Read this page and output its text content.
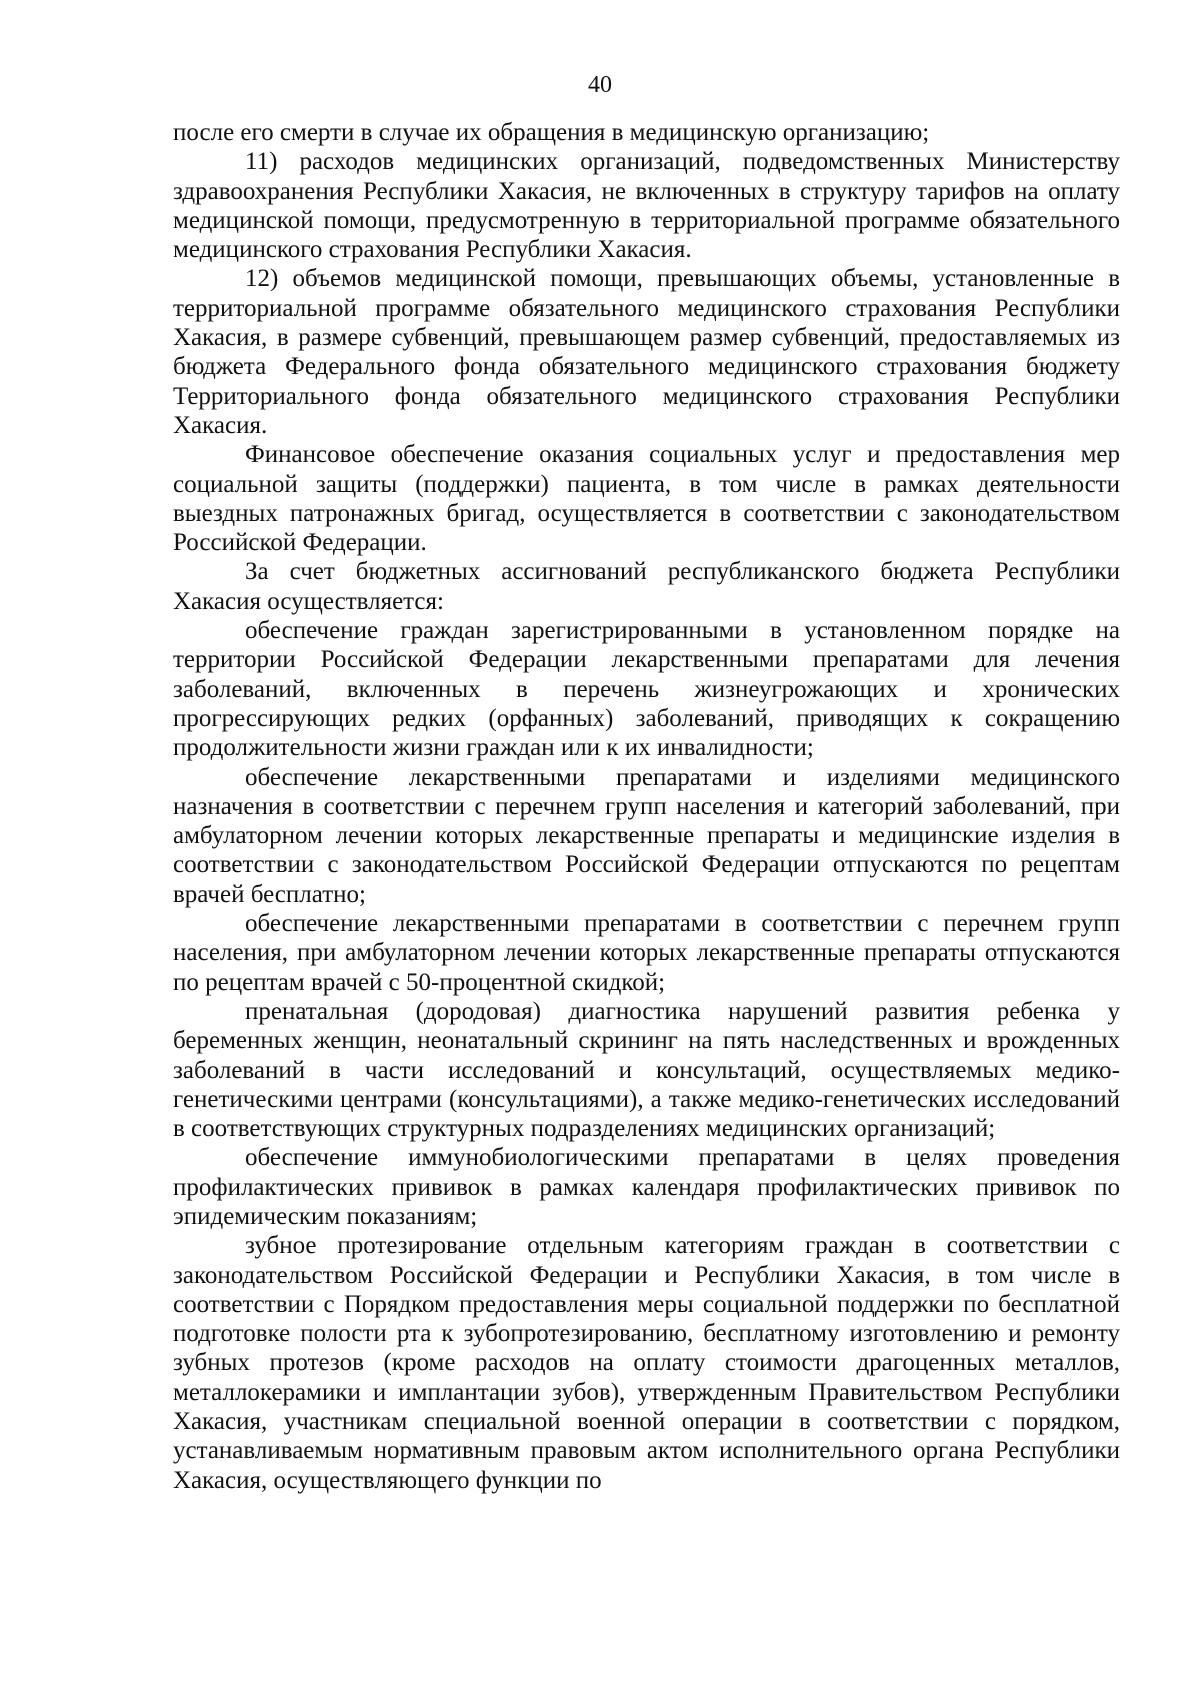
40

после его смерти в случае их обращения в медицинскую организацию;

11) расходов медицинских организаций, подведомственных Министерству здравоохранения Республики Хакасия, не включенных в структуру тарифов на оплату медицинской помощи, предусмотренную в территориальной программе обязательного медицинского страхования Республики Хакасия.

12) объемов медицинской помощи, превышающих объемы, установленные в территориальной программе обязательного медицинского страхования Республики Хакасия, в размере субвенций, превышающем размер субвенций, предоставляемых из бюджета Федерального фонда обязательного медицинского страхования бюджету Территориального фонда обязательного медицинского страхования Республики Хакасия.

Финансовое обеспечение оказания социальных услуг и предоставления мер социальной защиты (поддержки) пациента, в том числе в рамках деятельности выездных патронажных бригад, осуществляется в соответствии с законодательством Российской Федерации.

За счет бюджетных ассигнований республиканского бюджета Республики Хакасия осуществляется:

обеспечение граждан зарегистрированными в установленном порядке на территории Российской Федерации лекарственными препаратами для лечения заболеваний, включенных в перечень жизнеугрожающих и хронических прогрессирующих редких (орфанных) заболеваний, приводящих к сокращению продолжительности жизни граждан или к их инвалидности;

обеспечение лекарственными препаратами и изделиями медицинского назначения в соответствии с перечнем групп населения и категорий заболеваний, при амбулаторном лечении которых лекарственные препараты и медицинские изделия в соответствии с законодательством Российской Федерации отпускаются по рецептам врачей бесплатно;

обеспечение лекарственными препаратами в соответствии с перечнем групп населения, при амбулаторном лечении которых лекарственные препараты отпускаются по рецептам врачей с 50-процентной скидкой;

пренатальная (дородовая) диагностика нарушений развития ребенка у беременных женщин, неонатальный скрининг на пять наследственных и врожденных заболеваний в части исследований и консультаций, осуществляемых медико-генетическими центрами (консультациями), а также медико-генетических исследований в соответствующих структурных подразделениях медицинских организаций;

обеспечение иммунобиологическими препаратами в целях проведения профилактических прививок в рамках календаря профилактических прививок по эпидемическим показаниям;

зубное протезирование отдельным категориям граждан в соответствии с законодательством Российской Федерации и Республики Хакасия, в том числе в соответствии с Порядком предоставления меры социальной поддержки по бесплатной подготовке полости рта к зубопротезированию, бесплатному изготовлению и ремонту зубных протезов (кроме расходов на оплату стоимости драгоценных металлов, металлокерамики и имплантации зубов), утвержденным Правительством Республики Хакасия, участникам специальной военной операции в соответствии с порядком, устанавливаемым нормативным правовым актом исполнительного органа Республики Хакасия, осуществляющего функции по
